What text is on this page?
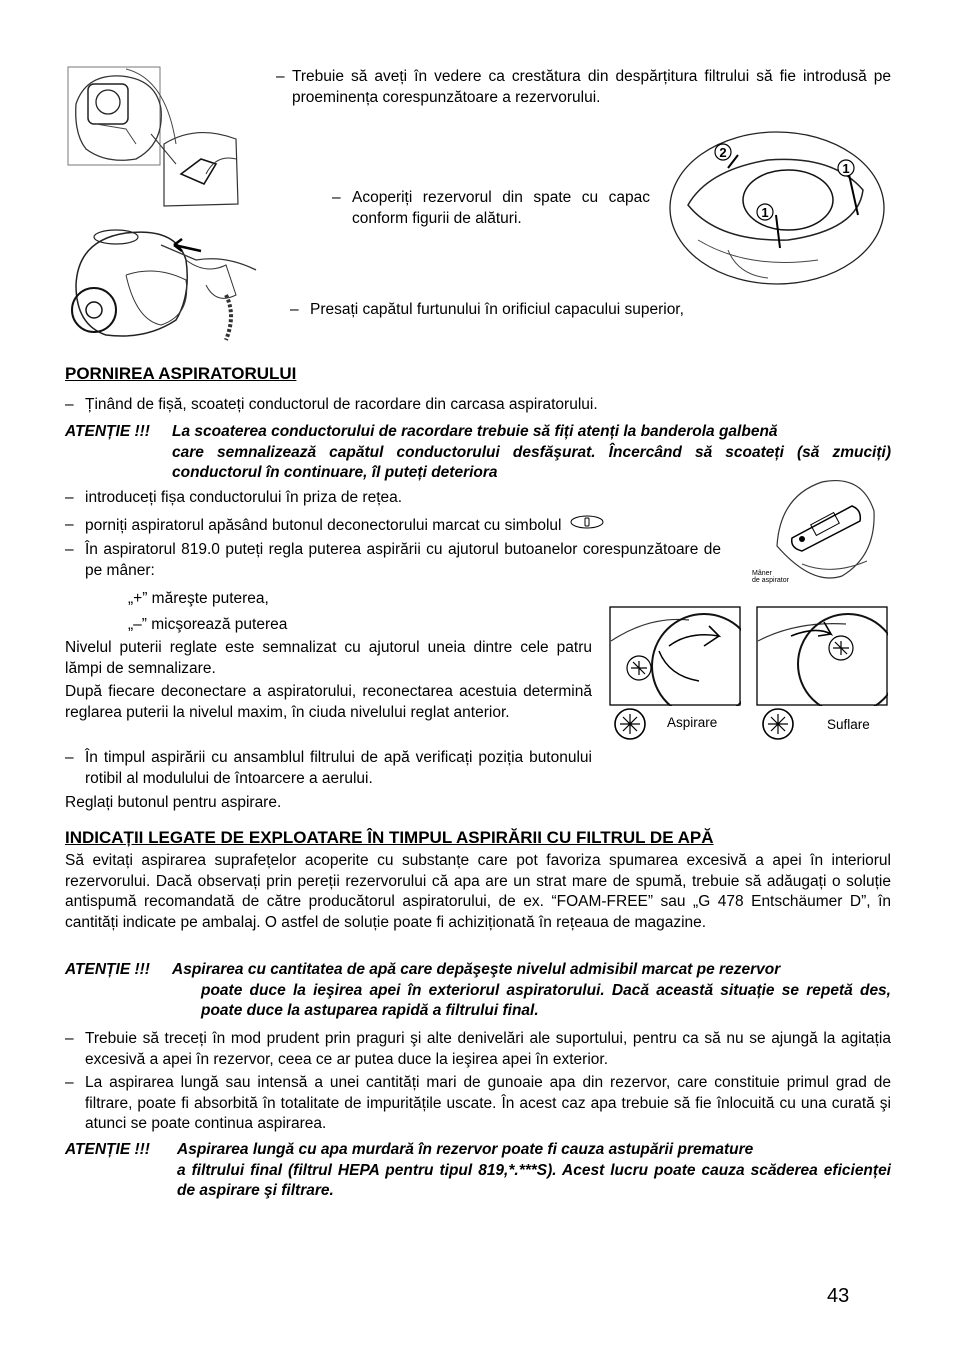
2
1
1
– Trebuie să aveți în vedere ca crestătura din despărțitura filtrului să fie introdusă pe proeminența corespunzătoare a rezervorului.
– Acoperiți rezervorul din spate cu capac conform figurii de alături.
– Presați capătul furtunului în orificiul capacului superior,
PORNIREA ASPIRATORULUI
– Ținând de fișă, scoateți conductorul de racordare din carcasa aspiratorului.
ATENȚIE !!! La scoaterea conductorului de racordare trebuie să fiți atenți la banderola galbenă
care semnalizează capătul conductorului desfăşurat. Încercând să scoateți (să zmuciți) conductorul în continuare, îl puteți deteriora
– introduceți fișa conductorului în priza de rețea.
– porniți aspiratorul apăsând butonul deconectorului marcat cu simbolul
– În aspiratorul 819.0 puteți regla puterea aspirării cu ajutorul butoanelor corespunzătoare de pe mâner:	Mâner
de aspirator
„+” măreşte puterea,
„–” micşorează puterea
Nivelul puterii reglate este semnalizat cu ajutorul uneia dintre cele patru lămpi de semnalizare.
După fiecare deconectare a aspiratorului, reconectarea acestuia determină reglarea puterii la nivelul maxim, în ciuda nivelului reglat anterior.
– În timpul aspirării cu ansamblul filtrului de apă verificați poziția butonului rotibil al modulului de întoarcere a aerului.
Reglați butonul pentru aspirare.
Aspirare	Suflare
INDICAȚII LEGATE DE EXPLOATARE ÎN TIMPUL ASPIRĂRII CU FILTRUL DE APĂ
Să evitați aspirarea suprafețelor acoperite cu substanțe care pot favoriza spumarea excesivă a apei în interiorul rezervorului. Dacă observați prin pereții rezervorului că apa are un strat mare de spumă, trebuie să adăugați o soluție antispumă recomandată de către producătorul aspiratorului, de ex. “FOAM-FREE” sau „G 478 Entschäumer D”, în cantități indicate pe ambalaj. O astfel de soluție poate fi achiziționată în rețeaua de magazine.
ATENȚIE !!! Aspirarea cu cantitatea de apă care depăşeşte nivelul admisibil marcat pe rezervor
poate duce la ieşirea apei în exteriorul aspiratorului. Dacă această situație se repetă des, poate duce la astuparea rapidă a filtrului final.
– Trebuie să treceți în mod prudent prin praguri şi alte denivelări ale suportului, pentru ca să nu se ajungă la agitația excesivă a apei în rezervor, ceea ce ar putea duce la ieşirea apei în exterior.
– La aspirarea lungă sau intensă a unei cantități mari de gunoaie apa din rezervor, care constituie primul grad de filtrare, poate fi absorbită în totalitate de impuritățile uscate. În acest caz apa trebuie să fie înlocuită cu una curată şi atunci se poate continua aspirarea.
ATENȚIE !!! Aspirarea lungă cu apa murdară în rezervor poate fi cauza astupării premature
a filtrului final (filtrul HEPA pentru tipul 819,*.***S). Acest lucru poate cauza scăderea eficienței de aspirare şi filtrare.
43
